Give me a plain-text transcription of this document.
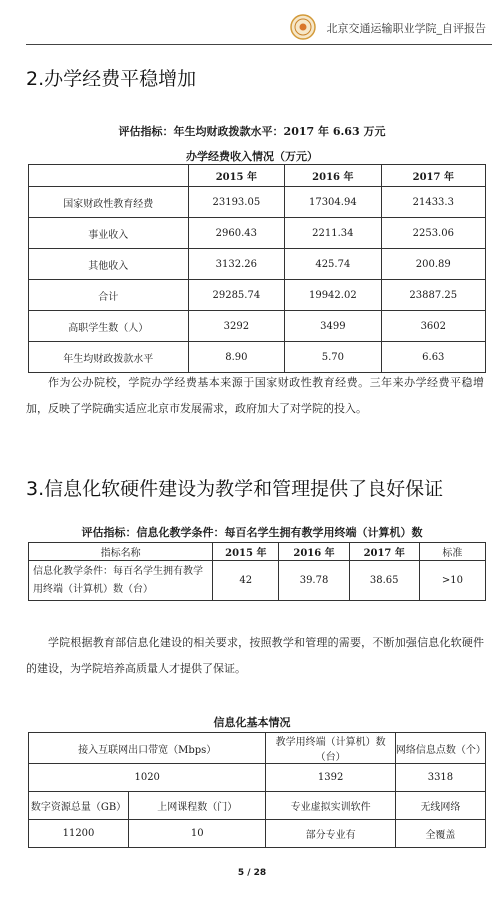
北京交通运输职业学院_自评报告
2.办学经费平稳增加
评估指标：年生均财政拨款水平：2017 年 6.63 万元
办学经费收入情况（万元）
	2015 年	2016 年	2017 年
国家财政性教育经费	23193.05	17304.94	21433.3
事业收入	2960.43	2211.34	2253.06
其他收入	3132.26	425.74	200.89
合计	29285.74	19942.02	23887.25
高职学生数（人）	3292	3499	3602
年生均财政拨款水平	8.90	5.70	6.63
作为公办院校，学院办学经费基本来源于国家财政性教育经费。三年来办学经费平稳增加，反映了学院确实适应北京市发展需求，政府加大了对学院的投入。
3.信息化软硬件建设为教学和管理提供了良好保证
评估指标：信息化教学条件：每百名学生拥有教学用终端（计算机）数
指标名称	2015 年	2016 年	2017 年	标准
信息化教学条件：每百名学生拥有教学用终端（计算机）数（台）	42	39.78	38.65	>10
学院根据教育部信息化建设的相关要求，按照教学和管理的需要，不断加强信息化软硬件的建设，为学院培养高质量人才提供了保证。
信息化基本情况
接入互联网出口带宽（Mbps）		教学用终端（计算机）数（台）	网络信息点数（个）
1020		1392	3318
数字资源总量（GB）	上网课程数（门）	专业虚拟实训软件	无线网络
11200	10	部分专业有	全覆盖
5 / 28
